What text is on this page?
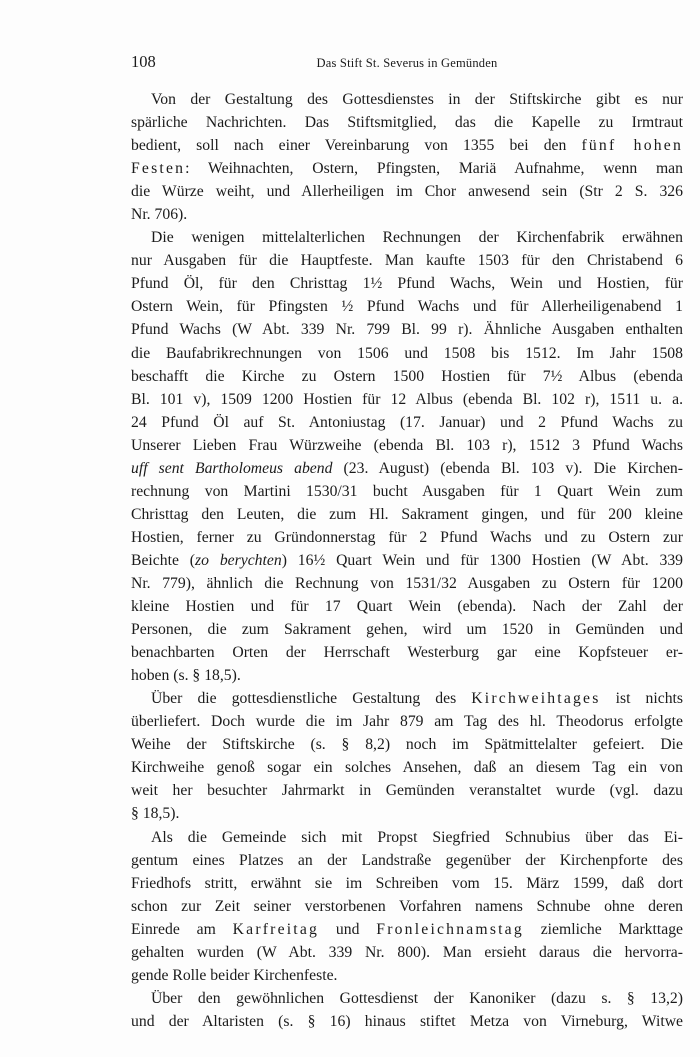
108	Das Stift St. Severus in Gemünden
Von der Gestaltung des Gottesdienstes in der Stiftskirche gibt es nur
spärliche Nachrichten. Das Stiftsmitglied, das die Kapelle zu Irmtraut
bedient, soll nach einer Vereinbarung von 1355 bei den fünf hohen
Festen: Weihnachten, Ostern, Pfingsten, Mariä Aufnahme, wenn man
die Würze weiht, und Allerheiligen im Chor anwesend sein (Str 2 S. 326
Nr. 706).
Die wenigen mittelalterlichen Rechnungen der Kirchenfabrik erwähnen
nur Ausgaben für die Hauptfeste. Man kaufte 1503 für den Christabend 6
Pfund Öl, für den Christtag 1½ Pfund Wachs, Wein und Hostien, für
Ostern Wein, für Pfingsten ½ Pfund Wachs und für Allerheiligenabend 1
Pfund Wachs (W Abt. 339 Nr. 799 Bl. 99 r). Ähnliche Ausgaben enthalten
die Baufabrikrechnungen von 1506 und 1508 bis 1512. Im Jahr 1508
beschafft die Kirche zu Ostern 1500 Hostien für 7½ Albus (ebenda
Bl. 101 v), 1509 1200 Hostien für 12 Albus (ebenda Bl. 102 r), 1511 u. a.
24 Pfund Öl auf St. Antoniustag (17. Januar) und 2 Pfund Wachs zu
Unserer Lieben Frau Würzweihe (ebenda Bl. 103 r), 1512 3 Pfund Wachs
uff sent Bartholomeus abend (23. August) (ebenda Bl. 103 v). Die Kirchen-
rechnung von Martini 1530/31 bucht Ausgaben für 1 Quart Wein zum
Christtag den Leuten, die zum Hl. Sakrament gingen, und für 200 kleine
Hostien, ferner zu Gründonnerstag für 2 Pfund Wachs und zu Ostern zur
Beichte (zo berychten) 16½ Quart Wein und für 1300 Hostien (W Abt. 339
Nr. 779), ähnlich die Rechnung von 1531/32 Ausgaben zu Ostern für 1200
kleine Hostien und für 17 Quart Wein (ebenda). Nach der Zahl der
Personen, die zum Sakrament gehen, wird um 1520 in Gemünden und
benachbarten Orten der Herrschaft Westerburg gar eine Kopfsteuer er-
hoben (s. § 18,5).
Über die gottesdienstliche Gestaltung des Kirchweihtages ist nichts
überliefert. Doch wurde die im Jahr 879 am Tag des hl. Theodorus erfolgte
Weihe der Stiftskirche (s. § 8,2) noch im Spätmittelalter gefeiert. Die
Kirchweihe genoß sogar ein solches Ansehen, daß an diesem Tag ein von
weit her besuchter Jahrmarkt in Gemünden veranstaltet wurde (vgl. dazu
§ 18,5).
Als die Gemeinde sich mit Propst Siegfried Schnubius über das Ei-
gentum eines Platzes an der Landstraße gegenüber der Kirchenpforte des
Friedhofs stritt, erwähnt sie im Schreiben vom 15. März 1599, daß dort
schon zur Zeit seiner verstorbenen Vorfahren namens Schnube ohne deren
Einrede am Karfreitag und Fronleichnamstag ziemliche Markttage
gehalten wurden (W Abt. 339 Nr. 800). Man ersieht daraus die hervorra-
gende Rolle beider Kirchenfeste.
Über den gewöhnlichen Gottesdienst der Kanoniker (dazu s. § 13,2)
und der Altaristen (s. § 16) hinaus stiftet Metza von Virneburg, Witwe
